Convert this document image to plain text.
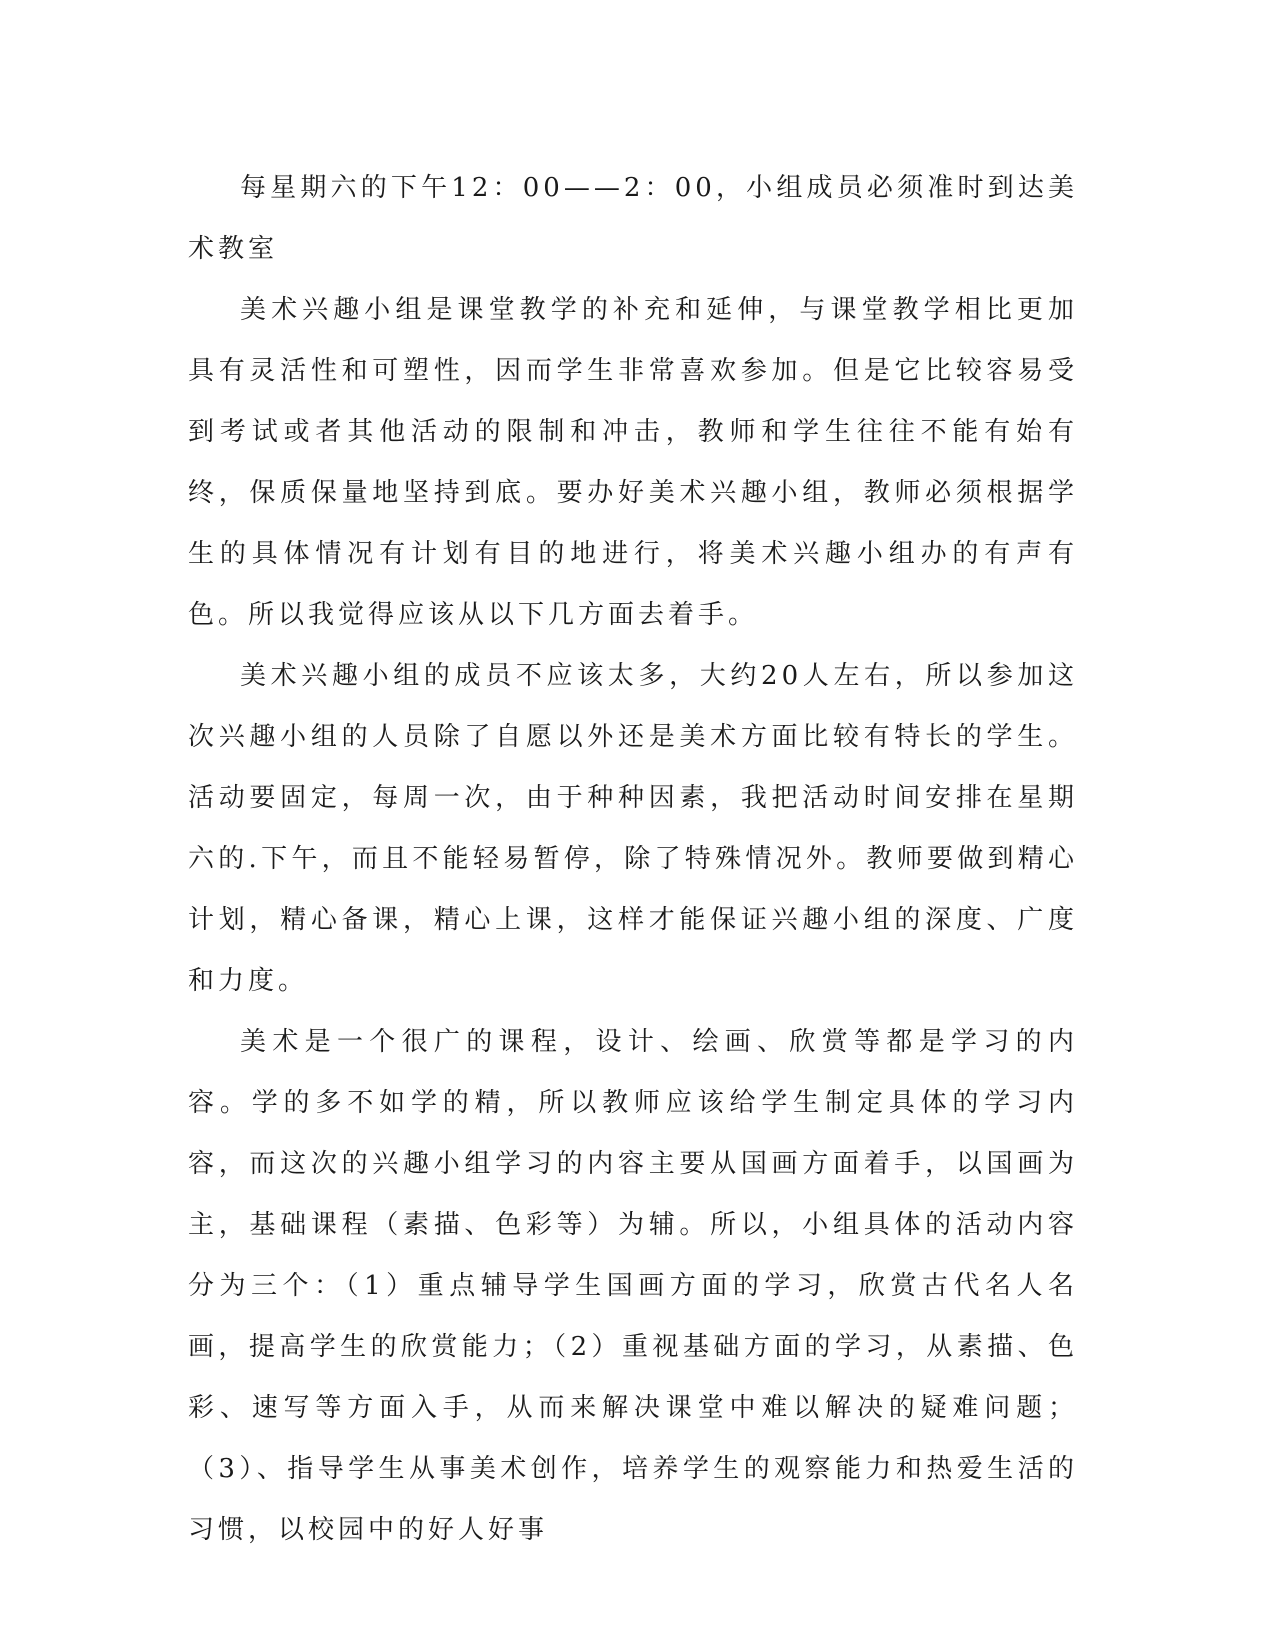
每星期六的下午12：00——2：00，小组成员必须准时到达美术教室

美术兴趣小组是课堂教学的补充和延伸，与课堂教学相比更加具有灵活性和可塑性，因而学生非常喜欢参加。但是它比较容易受到考试或者其他活动的限制和冲击，教师和学生往往不能有始有终，保质保量地坚持到底。要办好美术兴趣小组，教师必须根据学生的具体情况有计划有目的地进行，将美术兴趣小组办的有声有色。所以我觉得应该从以下几方面去着手。

美术兴趣小组的成员不应该太多，大约20人左右，所以参加这次兴趣小组的人员除了自愿以外还是美术方面比较有特长的学生。活动要固定，每周一次，由于种种因素，我把活动时间安排在星期六的.下午，而且不能轻易暂停，除了特殊情况外。教师要做到精心计划，精心备课，精心上课，这样才能保证兴趣小组的深度、广度和力度。

美术是一个很广的课程，设计、绘画、欣赏等都是学习的内容。学的多不如学的精，所以教师应该给学生制定具体的学习内容，而这次的兴趣小组学习的内容主要从国画方面着手，以国画为主，基础课程（素描、色彩等）为辅。所以，小组具体的活动内容分为三个：（1）重点辅导学生国画方面的学习，欣赏古代名人名画，提高学生的欣赏能力；（2）重视基础方面的学习，从素描、色彩、速写等方面入手，从而来解决课堂中难以解决的疑难问题；（3）、指导学生从事美术创作，培养学生的观察能力和热爱生活的习惯，以校园中的好人好事
